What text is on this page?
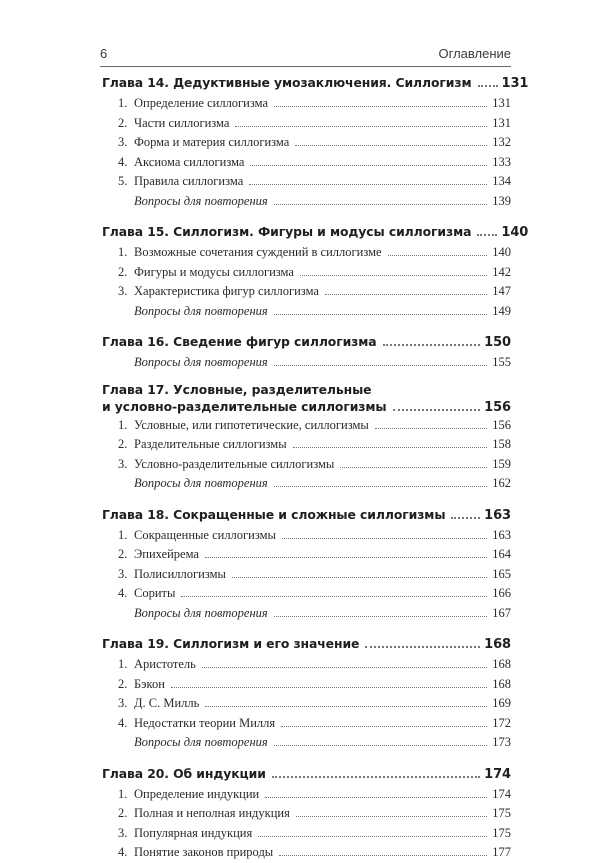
6	Оглавление
Глава 14. Дедуктивные умозаключения. Силлогизм 131
1. Определение силлогизма	131
2. Части силлогизма	131
3. Форма и материя силлогизма	132
4. Аксиома силлогизма	133
5. Правила силлогизма	134
Вопросы для повторения	139
Глава 15. Силлогизм. Фигуры и модусы силлогизма 140
1. Возможные сочетания суждений в силлогизме	140
2. Фигуры и модусы силлогизма	142
3. Характеристика фигур силлогизма	147
Вопросы для повторения	149
Глава 16. Сведение фигур силлогизма	150
Вопросы для повторения	155
Глава 17. Условные, разделительные
и условно-разделительные силлогизмы	156
1. Условные, или гипотетические, силлогизмы	156
2. Разделительные силлогизмы	158
3. Условно-разделительные силлогизмы	159
Вопросы для повторения	162
Глава 18. Сокращенные и сложные силлогизмы	163
1. Сокращенные силлогизмы	163
2. Эпихейрема	164
3. Полисиллогизмы	165
4. Сориты	166
Вопросы для повторения	167
Глава 19. Силлогизм и его значение	168
1. Аристотель	168
2. Бэкон	168
3. Д. С. Милль	169
4. Недостатки теории Милля	172
Вопросы для повторения	173
Глава 20. Об индукции	174
1. Определение индукции	174
2. Полная и неполная индукция	175
3. Популярная индукция	175
4. Понятие законов природы	177
